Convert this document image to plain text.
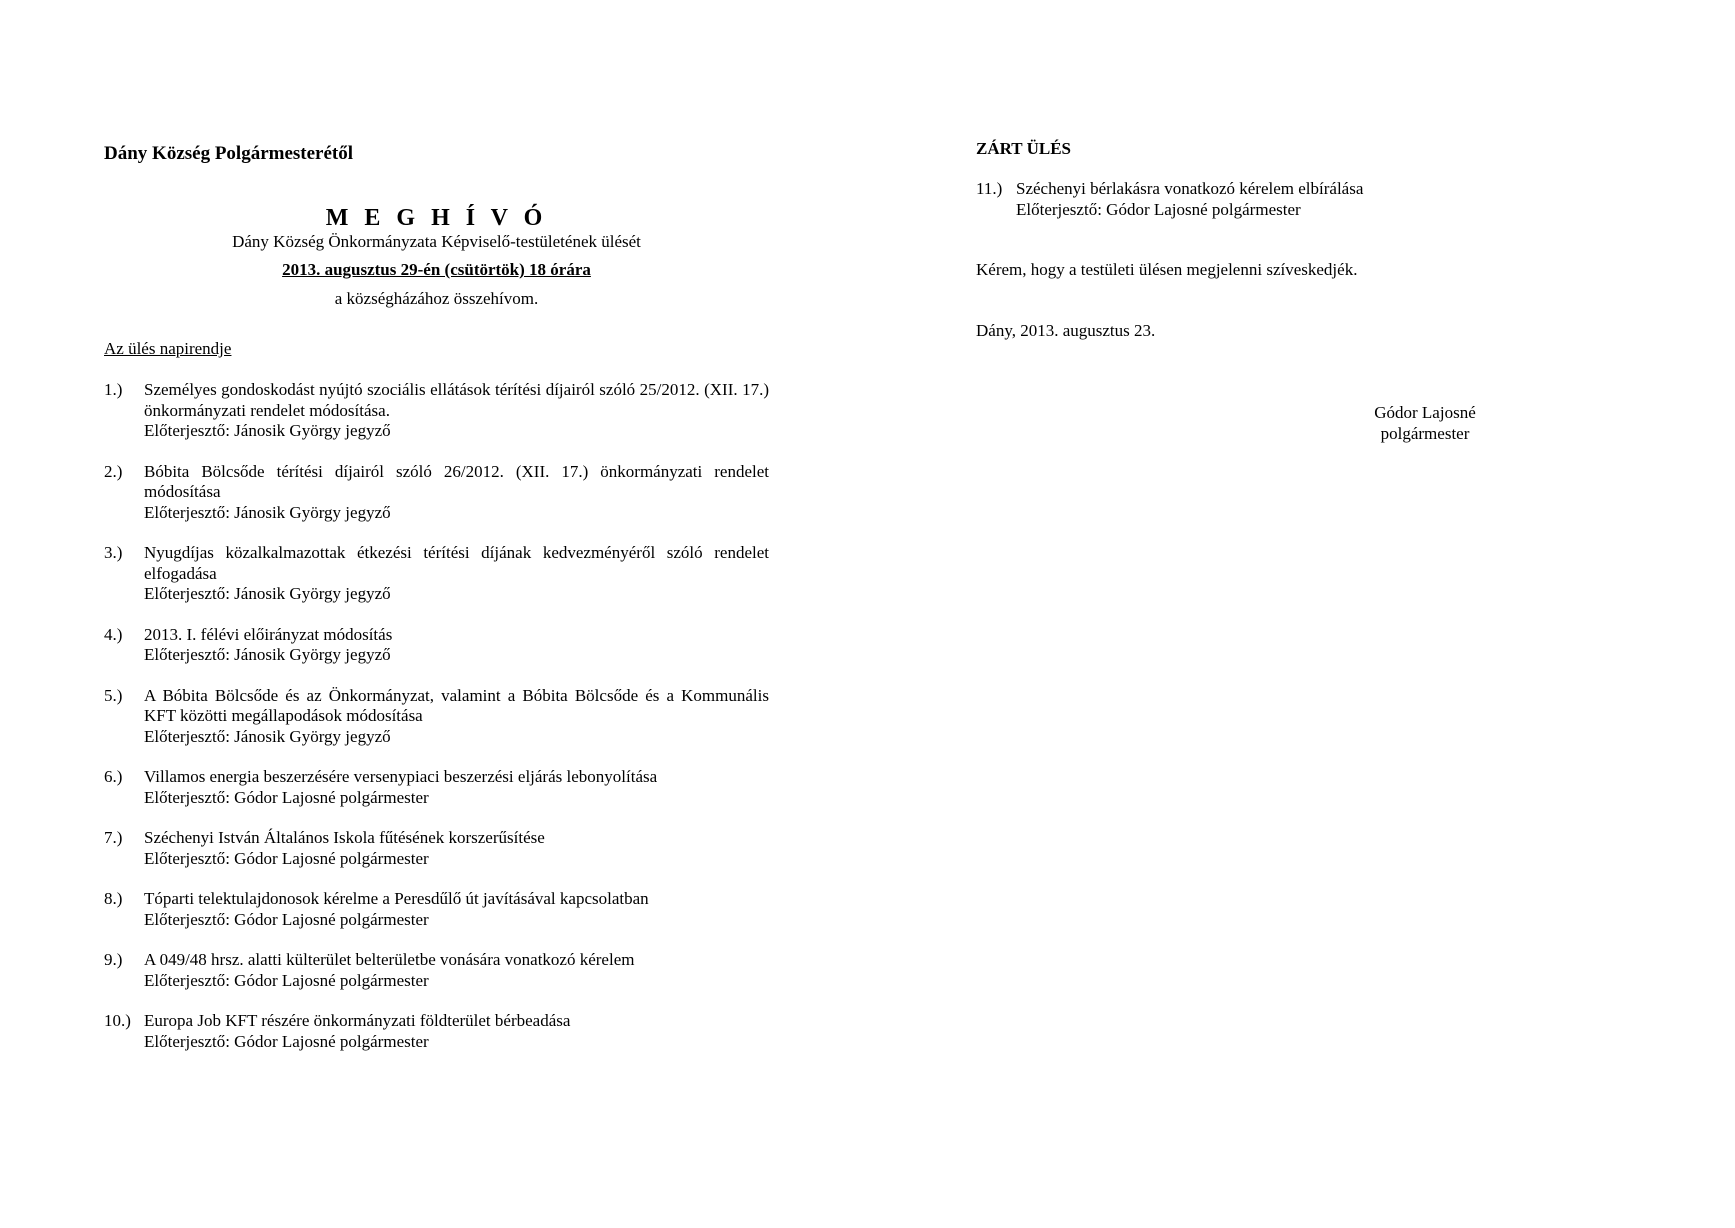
Dány Község Polgármesterétől

M E G H Í V Ó

Dány Község Önkormányzata Képviselő-testületének ülését

2013. augusztus 29-én (csütörtök) 18 órára

a községházához összehívom.

Az ülés napirendje

1.) Személyes gondoskodást nyújtó szociális ellátások térítési díjairól szóló 25/2012. (XII. 17.) önkormányzati rendelet módosítása.
Előterjesztő: Jánosik György jegyző
2.) Bóbita Bölcsőde térítési díjairól szóló 26/2012. (XII. 17.) önkormányzati rendelet módosítása
Előterjesztő: Jánosik György jegyző
3.) Nyugdíjas közalkalmazottak étkezési térítési díjának kedvezményéről szóló rendelet elfogadása
Előterjesztő: Jánosik György jegyző
4.) 2013. I. félévi előirányzat módosítás
Előterjesztő: Jánosik György jegyző
5.) A Bóbita Bölcsőde és az Önkormányzat, valamint a Bóbita Bölcsőde és a Kommunális KFT közötti megállapodások módosítása
Előterjesztő: Jánosik György jegyző
6.) Villamos energia beszerzésére versenypiaci beszerzési eljárás lebonyolítása
Előterjesztő: Gódor Lajosné polgármester
7.) Széchenyi István Általános Iskola fűtésének korszerűsítése
Előterjesztő: Gódor Lajosné polgármester
8.) Tóparti telektulajdonosok kérelme a Peresdűlő út javításával kapcsolatban
Előterjesztő: Gódor Lajosné polgármester
9.) A 049/48 hrsz. alatti külterület belterületbe vonására vonatkozó kérelem
Előterjesztő: Gódor Lajosné polgármester
10.) Europa Job KFT részére önkormányzati földterület bérbeadása
Előterjesztő: Gódor Lajosné polgármester

ZÁRT ÜLÉS

11.) Széchenyi bérlakásra vonatkozó kérelem elbírálása
Előterjesztő: Gódor Lajosné polgármester

Kérem, hogy a testületi ülésen megjelenni szíveskedjék.

Dány, 2013. augusztus 23.

Gódor Lajosné
polgármester
